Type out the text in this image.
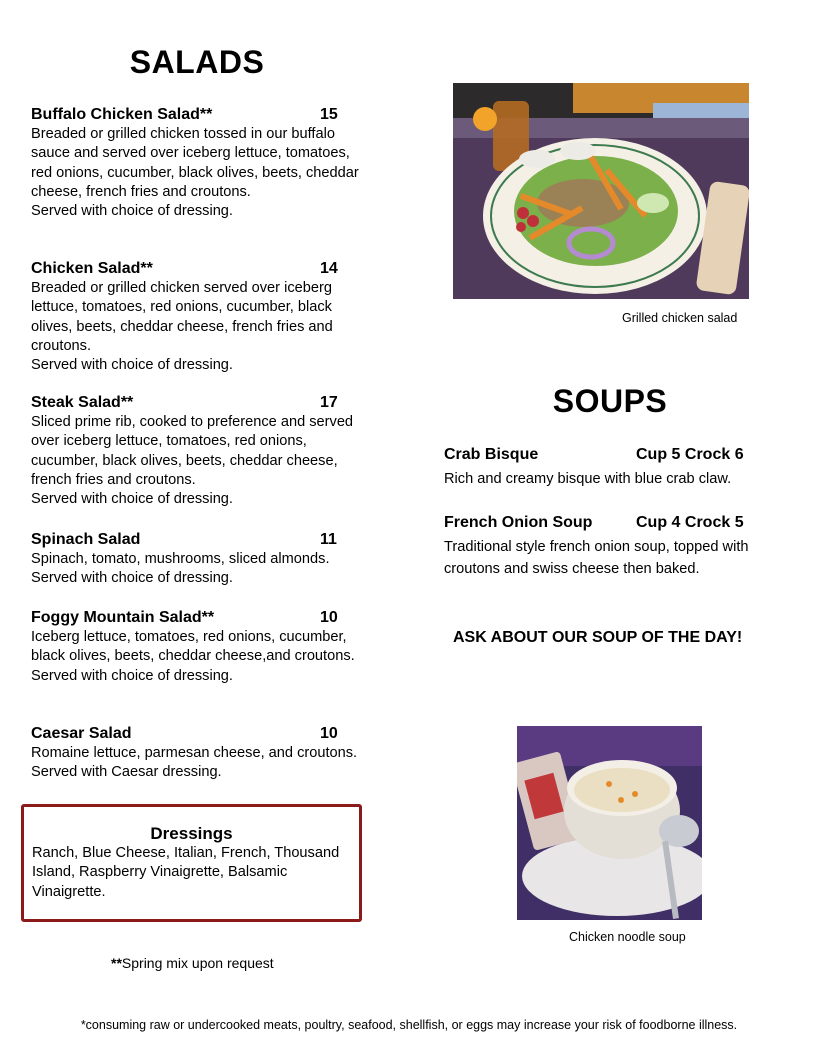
SALADS
Buffalo Chicken Salad**	15

Breaded or grilled chicken tossed in our buffalo sauce and served over iceberg lettuce, tomatoes, red onions, cucumber, black olives, beets, cheddar cheese, french fries and croutons.

Served with choice of dressing.

Chicken Salad**	14

Breaded or grilled chicken served over iceberg lettuce, tomatoes, red onions, cucumber, black olives, beets, cheddar cheese, french fries and croutons.

Served with choice of dressing.

Steak Salad**	17

Sliced prime rib, cooked to preference and served over iceberg lettuce, tomatoes, red onions, cucumber, black olives, beets, cheddar cheese, french fries and croutons.

Served with choice of dressing.

Spinach Salad	11

Spinach, tomato, mushrooms, sliced almonds.

Served with choice of dressing.

Foggy Mountain Salad**	10

Iceberg lettuce, tomatoes, red onions, cucumber, black olives, beets, cheddar cheese,and croutons. Served with choice of dressing.

Caesar Salad	10

Romaine lettuce, parmesan cheese, and croutons. Served with Caesar dressing.

Dressings
Ranch, Blue Cheese, Italian, French, Thousand Island, Raspberry Vinaigrette, Balsamic Vinaigrette.
**Spring mix upon request
Grilled chicken salad
SOUPS
Crab Bisque	Cup 5 Crock 6
Rich and creamy bisque with blue crab claw.
French Onion Soup	Cup 4 Crock 5
Traditional style french onion soup, topped with croutons and swiss cheese then baked.
ASK ABOUT OUR SOUP OF THE DAY!
Chicken noodle soup
*consuming raw or undercooked meats, poultry, seafood, shellfish, or eggs may increase your risk of foodborne illness.
